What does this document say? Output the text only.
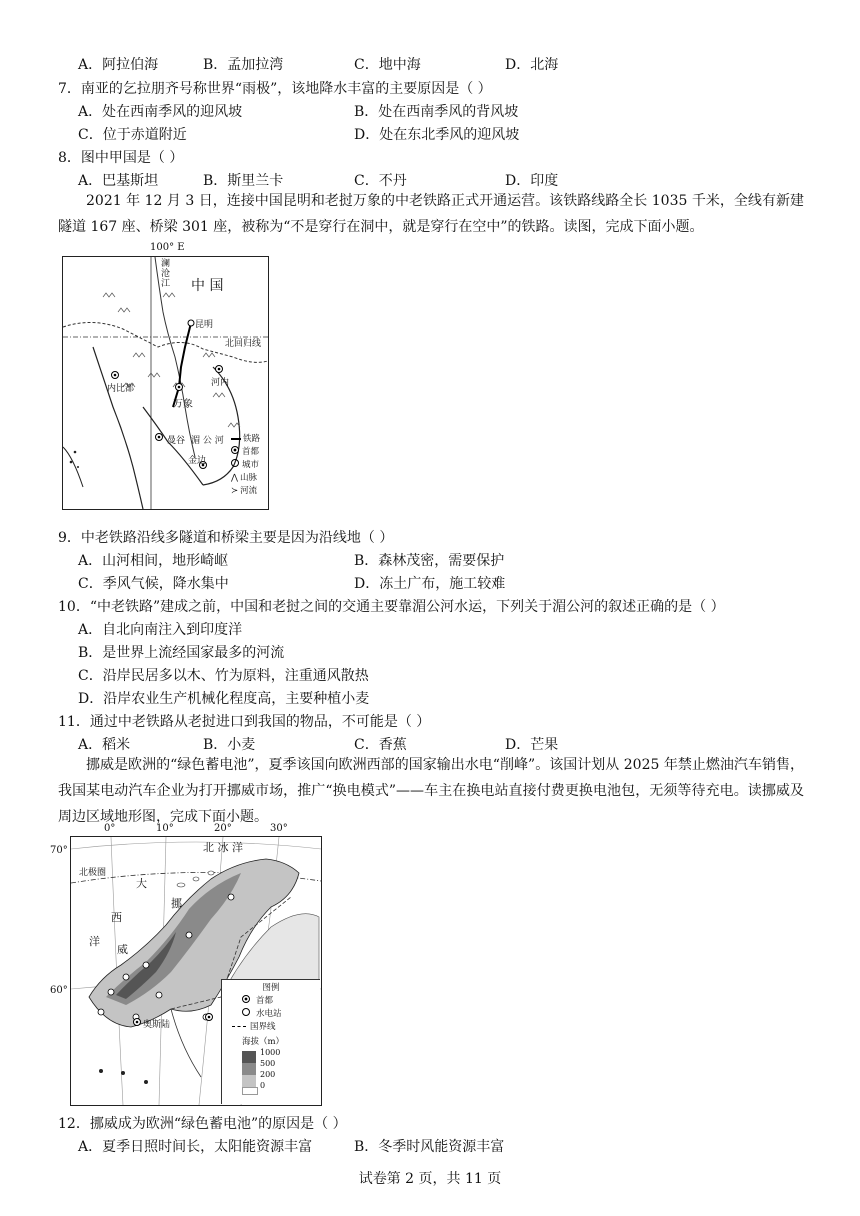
A．阿拉伯海	B．孟加拉湾	C．地中海	D．北海
7．南亚的乞拉朋齐号称世界“雨极”，该地降水丰富的主要原因是（ ）
A．处在西南季风的迎风坡	B．处在西南季风的背风坡
C．位于赤道附近	D．处在东北季风的迎风坡
8．图中甲国是（ ）
A．巴基斯坦	B．斯里兰卡	C．不丹	D．印度
2021 年 12 月 3 日，连接中国昆明和老挝万象的中老铁路正式开通运营。该铁路线路全长 1035 千米，全线有新建隧道 167 座、桥梁 301 座，被称为“不是穿行在洞中，就是穿行在空中”的铁路。读图，完成下面小题。
100° E
中 国
澜沧江
昆明
北回归线
内比都
河内
万象
曼谷
金边
湄 公 河	铁路
首都
城市
⋀ 山脉
≻ 河流
9．中老铁路沿线多隧道和桥梁主要是因为沿线地（ ）
A．山河相间，地形崎岖	B．森林茂密，需要保护
C．季风气候，降水集中	D．冻土广布，施工较难
10．“中老铁路”建成之前，中国和老挝之间的交通主要靠湄公河水运，下列关于湄公河的叙述正确的是（ ）
A．自北向南注入到印度洋
B．是世界上流经国家最多的河流
C．沿岸民居多以木、竹为原料，注重通风散热
D．沿岸农业生产机械化程度高，主要种植小麦
11．通过中老铁路从老挝进口到我国的物品，不可能是（ ）
A．稻米	B．小麦	C．香蕉	D．芒果
挪威是欧洲的“绿色蓄电池”，夏季该国向欧洲西部的国家输出水电“削峰”。该国计划从 2025 年禁止燃油汽车销售，我国某电动汽车企业为打开挪威市场，推广“换电模式”——车主在换电站直接付费更换电池包，无须等待充电。读挪威及周边区域地形图，完成下面小题。
0°	10°	20°	30°
70°
60°
北 冰 洋
大
西
洋
北极圈
挪
威
奥斯陆
图例
首都
水电站
国界线
海拔（m）
1000
500
200
0
12．挪威成为欧洲“绿色蓄电池”的原因是（ ）
A．夏季日照时间长，太阳能资源丰富	B．冬季时风能资源丰富
试卷第 2 页，共 11 页
